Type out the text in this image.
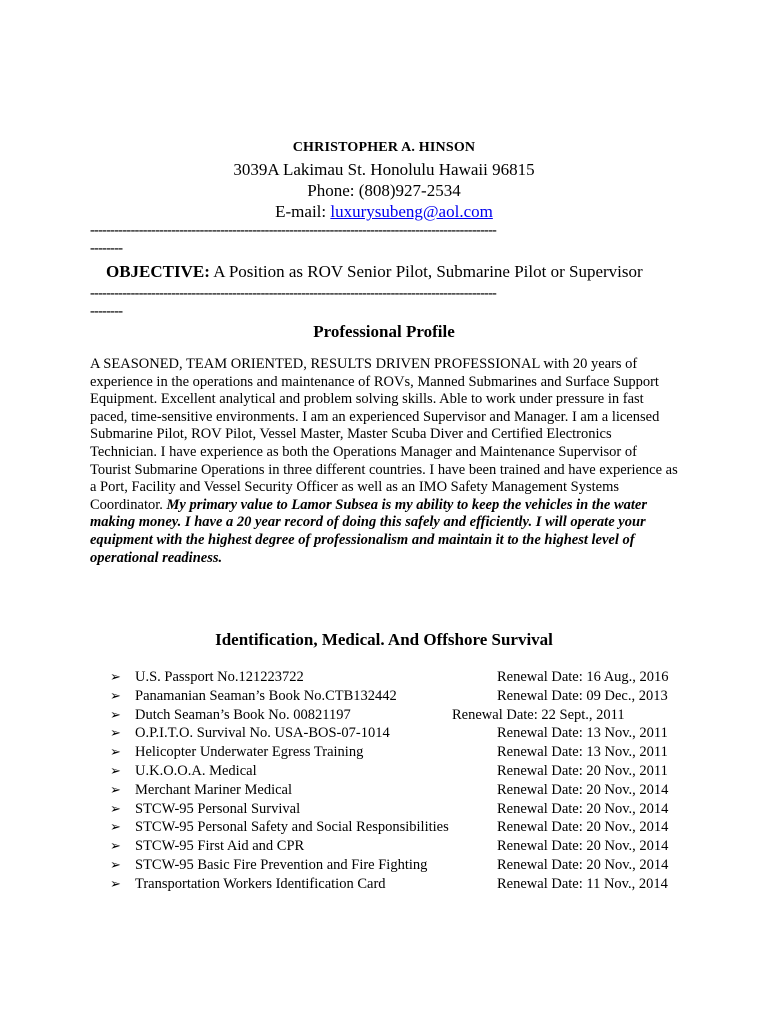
CHRISTOPHER A. HINSON
3039A Lakimau St. Honolulu Hawaii 96815
Phone: (808)927-2534
E-mail: luxurysubeng@aol.com
----------------------------------------------------------------------------------------------------
--------
OBJECTIVE: A Position as ROV Senior Pilot, Submarine Pilot or Supervisor
----------------------------------------------------------------------------------------------------
--------
Professional Profile
A SEASONED, TEAM ORIENTED, RESULTS DRIVEN PROFESSIONAL with 20 years of experience in the operations and maintenance of ROVs, Manned Submarines and Surface Support Equipment. Excellent analytical and problem solving skills. Able to work under pressure in fast paced, time-sensitive environments. I am an experienced Supervisor and Manager. I am a licensed Submarine Pilot, ROV Pilot, Vessel Master, Master Scuba Diver and Certified Electronics Technician. I have experience as both the Operations Manager and Maintenance Supervisor of Tourist Submarine Operations in three different countries. I have been trained and have experience as a Port, Facility and Vessel Security Officer as well as an IMO Safety Management Systems Coordinator. My primary value to Lamor Subsea is my ability to keep the vehicles in the water making money. I have a 20 year record of doing this safely and efficiently. I will operate your equipment with the highest degree of professionalism and maintain it to the highest level of operational readiness.
Identification, Medical. And Offshore Survival
➢ U.S. Passport No.121223722	Renewal Date: 16 Aug., 2016
➢ Panamanian Seaman’s Book No.CTB132442	Renewal Date: 09 Dec., 2013
➢ Dutch Seaman’s Book No. 00821197	Renewal Date: 22 Sept., 2011
➢ O.P.I.T.O. Survival No. USA-BOS-07-1014	Renewal Date: 13 Nov., 2011
➢ Helicopter Underwater Egress Training	Renewal Date: 13 Nov., 2011
➢ U.K.O.O.A. Medical	Renewal Date: 20 Nov., 2011
➢ Merchant Mariner Medical	Renewal Date: 20 Nov., 2014
➢ STCW-95 Personal Survival	Renewal Date: 20 Nov., 2014
➢ STCW-95 Personal Safety and Social Responsibilities	Renewal Date: 20 Nov., 2014
➢ STCW-95 First Aid and CPR	Renewal Date: 20 Nov., 2014
➢ STCW-95 Basic Fire Prevention and Fire Fighting	Renewal Date: 20 Nov., 2014
➢ Transportation Workers Identification Card	Renewal Date: 11 Nov., 2014
